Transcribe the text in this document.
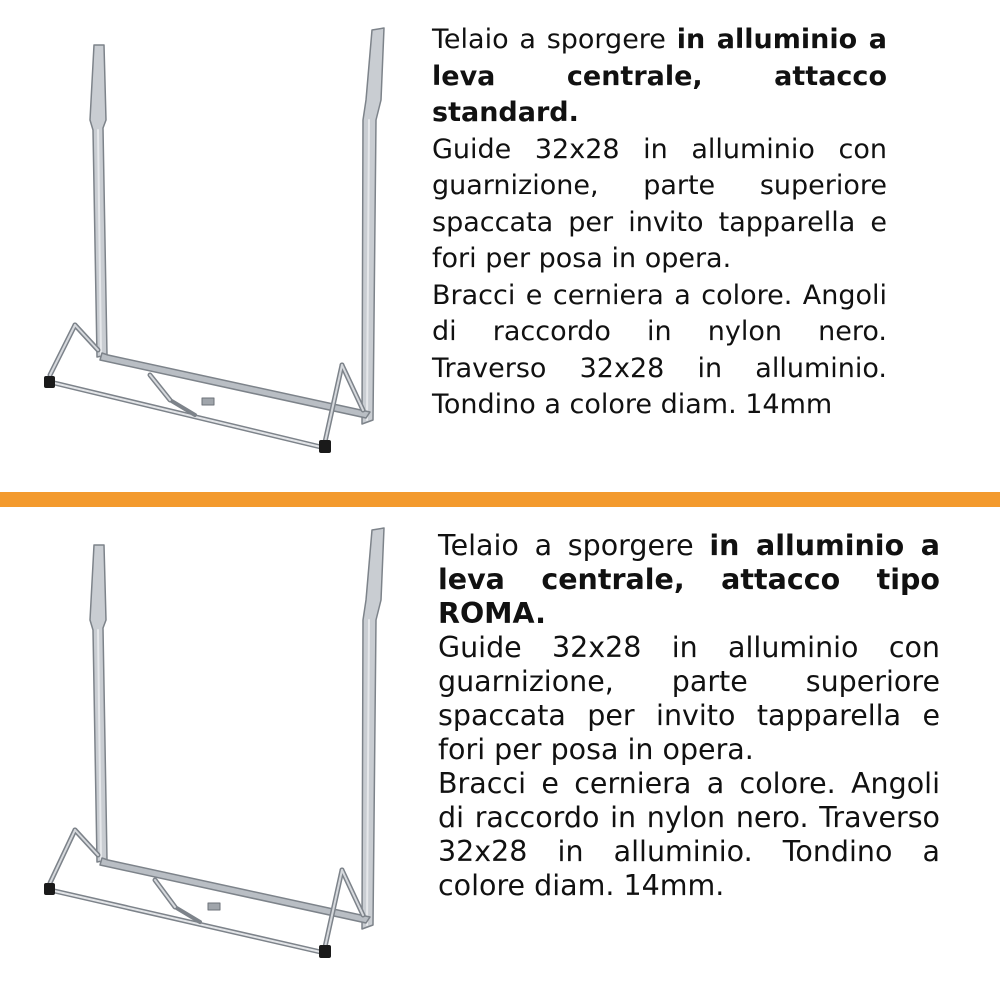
Telaio a sporgere in alluminio a leva centrale, attacco standard.

Guide 32x28 in alluminio con guarnizione, parte superiore spaccata per invito tapparella e fori per posa in opera.

Bracci e cerniera a colore. Angoli di raccordo in nylon nero. Traverso 32x28 in alluminio. Tondino a colore diam. 14mm

Telaio a sporgere in alluminio a leva centrale, attacco tipo ROMA.

Guide 32x28 in alluminio con guarnizione, parte superiore spaccata per invito tapparella e fori per posa in opera.

Bracci e cerniera a colore. Angoli di raccordo in nylon nero. Traverso 32x28 in alluminio. Tondino a colore diam. 14mm.
